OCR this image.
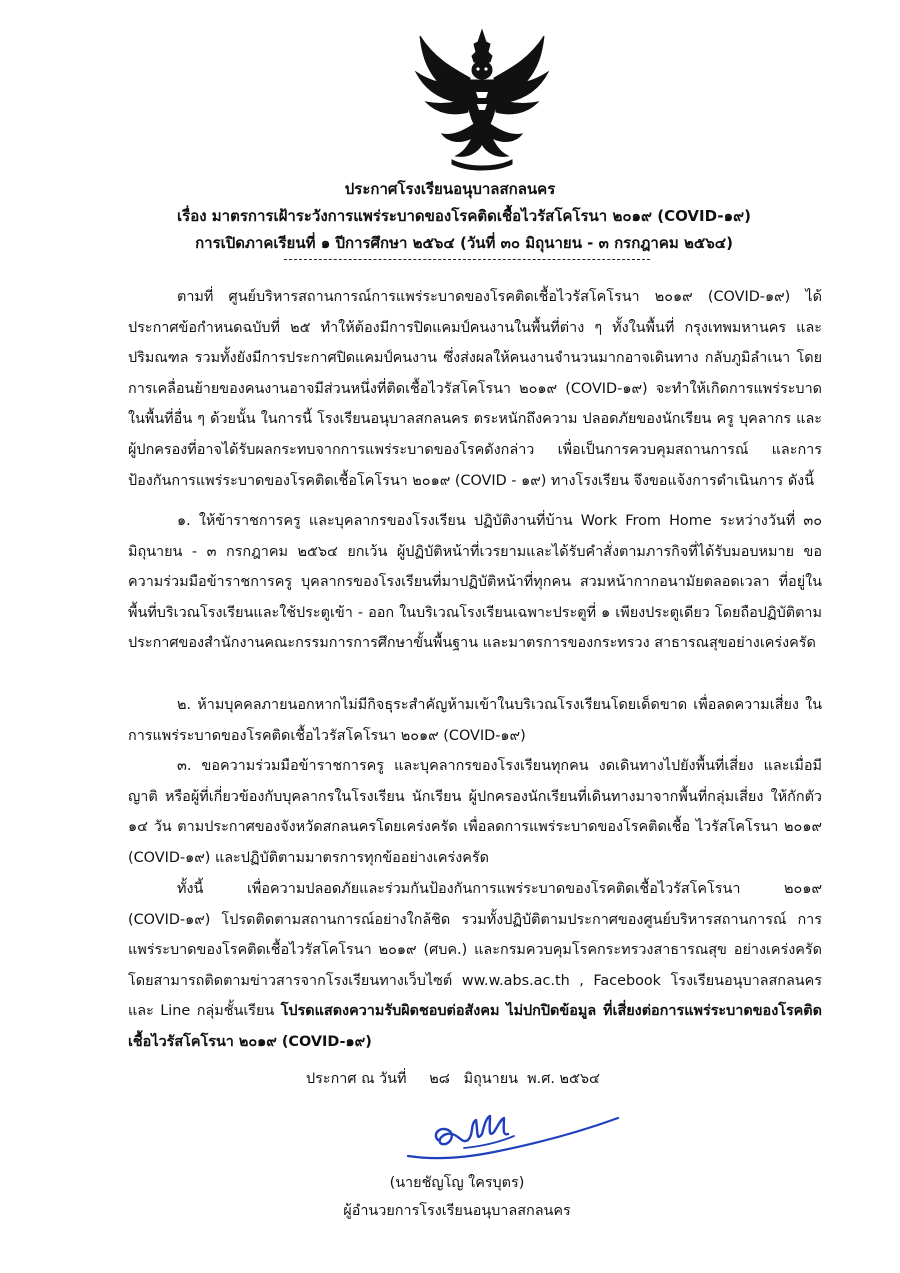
ประกาศโรงเรียนอนุบาลสกลนคร
เรื่อง มาตรการเฝ้าระวังการแพร่ระบาดของโรคติดเชื้อไวรัสโคโรนา ๒๐๑๙ (COVID-๑๙)
การเปิดภาคเรียนที่ ๑ ปีการศึกษา ๒๕๖๔ (วันที่ ๓๐ มิถุนายน - ๓ กรกฎาคม ๒๕๖๔)

ตามที่ ศูนย์บริหารสถานการณ์การแพร่ระบาดของโรคติดเชื้อไวรัสโคโรนา ๒๐๑๙ (COVID-๑๙) ได้ประกาศข้อกำหนดฉบับที่ ๒๕ ทำให้ต้องมีการปิดแคมป์คนงานในพื้นที่ต่าง ๆ ทั้งในพื้นที่ กรุงเทพมหานคร และปริมณฑล รวมทั้งยังมีการประกาศปิดแคมป์คนงาน ซึ่งส่งผลให้คนงานจำนวนมากอาจเดินทาง กลับภูมิลำเนา โดยการเคลื่อนย้ายของคนงานอาจมีส่วนหนึ่งที่ติดเชื้อไวรัสโคโรนา ๒๐๑๙ (COVID-๑๙) จะทำให้เกิดการแพร่ระบาดในพื้นที่อื่น ๆ ด้วยนั้น ในการนี้ โรงเรียนอนุบาลสกลนคร ตระหนักถึงความ ปลอดภัยของนักเรียน ครู บุคลากร และผู้ปกครองที่อาจได้รับผลกระทบจากการแพร่ระบาดของโรคดังกล่าว เพื่อเป็นการควบคุมสถานการณ์ และการป้องกันการแพร่ระบาดของโรคติดเชื้อโคโรนา ๒๐๑๙ (COVID - ๑๙) ทางโรงเรียน จึงขอแจ้งการดำเนินการ ดังนี้

๑. ให้ข้าราชการครู และบุคลากรของโรงเรียน ปฏิบัติงานที่บ้าน Work From Home ระหว่างวันที่ ๓๐ มิถุนายน - ๓ กรกฎาคม ๒๕๖๔ ยกเว้น ผู้ปฏิบัติหน้าที่เวรยามและได้รับคำสั่งตามภารกิจที่ได้รับมอบหมาย ขอความร่วมมือข้าราชการครู บุคลากรของโรงเรียนที่มาปฏิบัติหน้าที่ทุกคน สวมหน้ากากอนามัยตลอดเวลา ที่อยู่ในพื้นที่บริเวณโรงเรียนและใช้ประตูเข้า - ออก ในบริเวณโรงเรียนเฉพาะประตูที่ ๑ เพียงประตูเดียว โดยถือปฏิบัติตามประกาศของสำนักงานคณะกรรมการการศึกษาขั้นพื้นฐาน และมาตรการของกระทรวง สาธารณสุขอย่างเคร่งครัด

๒. ห้ามบุคคลภายนอกหากไม่มีกิจธุระสำคัญห้ามเข้าในบริเวณโรงเรียนโดยเด็ดขาด เพื่อลดความเสี่ยง ในการแพร่ระบาดของโรคติดเชื้อไวรัสโคโรนา ๒๐๑๙ (COVID-๑๙)

๓. ขอความร่วมมือข้าราชการครู และบุคลากรของโรงเรียนทุกคน งดเดินทางไปยังพื้นที่เสี่ยง และเมื่อมีญาติ หรือผู้ที่เกี่ยวข้องกับบุคลากรในโรงเรียน นักเรียน ผู้ปกครองนักเรียนที่เดินทางมาจากพื้นที่กลุ่มเสี่ยง ให้กักตัว ๑๔ วัน ตามประกาศของจังหวัดสกลนครโดยเคร่งครัด เพื่อลดการแพร่ระบาดของโรคติดเชื้อ ไวรัสโคโรนา ๒๐๑๙ (COVID-๑๙) และปฏิบัติตามมาตรการทุกข้ออย่างเคร่งครัด

ทั้งนี้ เพื่อความปลอดภัยและร่วมกันป้องกันการแพร่ระบาดของโรคติดเชื้อไวรัสโคโรนา ๒๐๑๙ (COVID-๑๙) โปรดติดตามสถานการณ์อย่างใกล้ชิด รวมทั้งปฏิบัติตามประกาศของศูนย์บริหารสถานการณ์ การแพร่ระบาดของโรคติดเชื้อไวรัสโคโรนา ๒๐๑๙ (ศบค.) และกรมควบคุมโรคกระทรวงสาธารณสุข อย่างเคร่งครัดโดยสามารถติดตามข่าวสารจากโรงเรียนทางเว็บไซต์ ww.w.abs.ac.th , Facebook โรงเรียนอนุบาลสกลนคร และ Line กลุ่มชั้นเรียน โปรดแสดงความรับผิดชอบต่อสังคม ไม่ปกปิดข้อมูล ที่เสี่ยงต่อการแพร่ระบาดของโรคติดเชื้อไวรัสโคโรนา ๒๐๑๙ (COVID-๑๙)

ประกาศ ณ วันที่     ๒๘   มิถุนายน  พ.ศ. ๒๕๖๔
(นายชัญโญ ใครบุตร)
ผู้อำนวยการโรงเรียนอนุบาลสกลนคร
